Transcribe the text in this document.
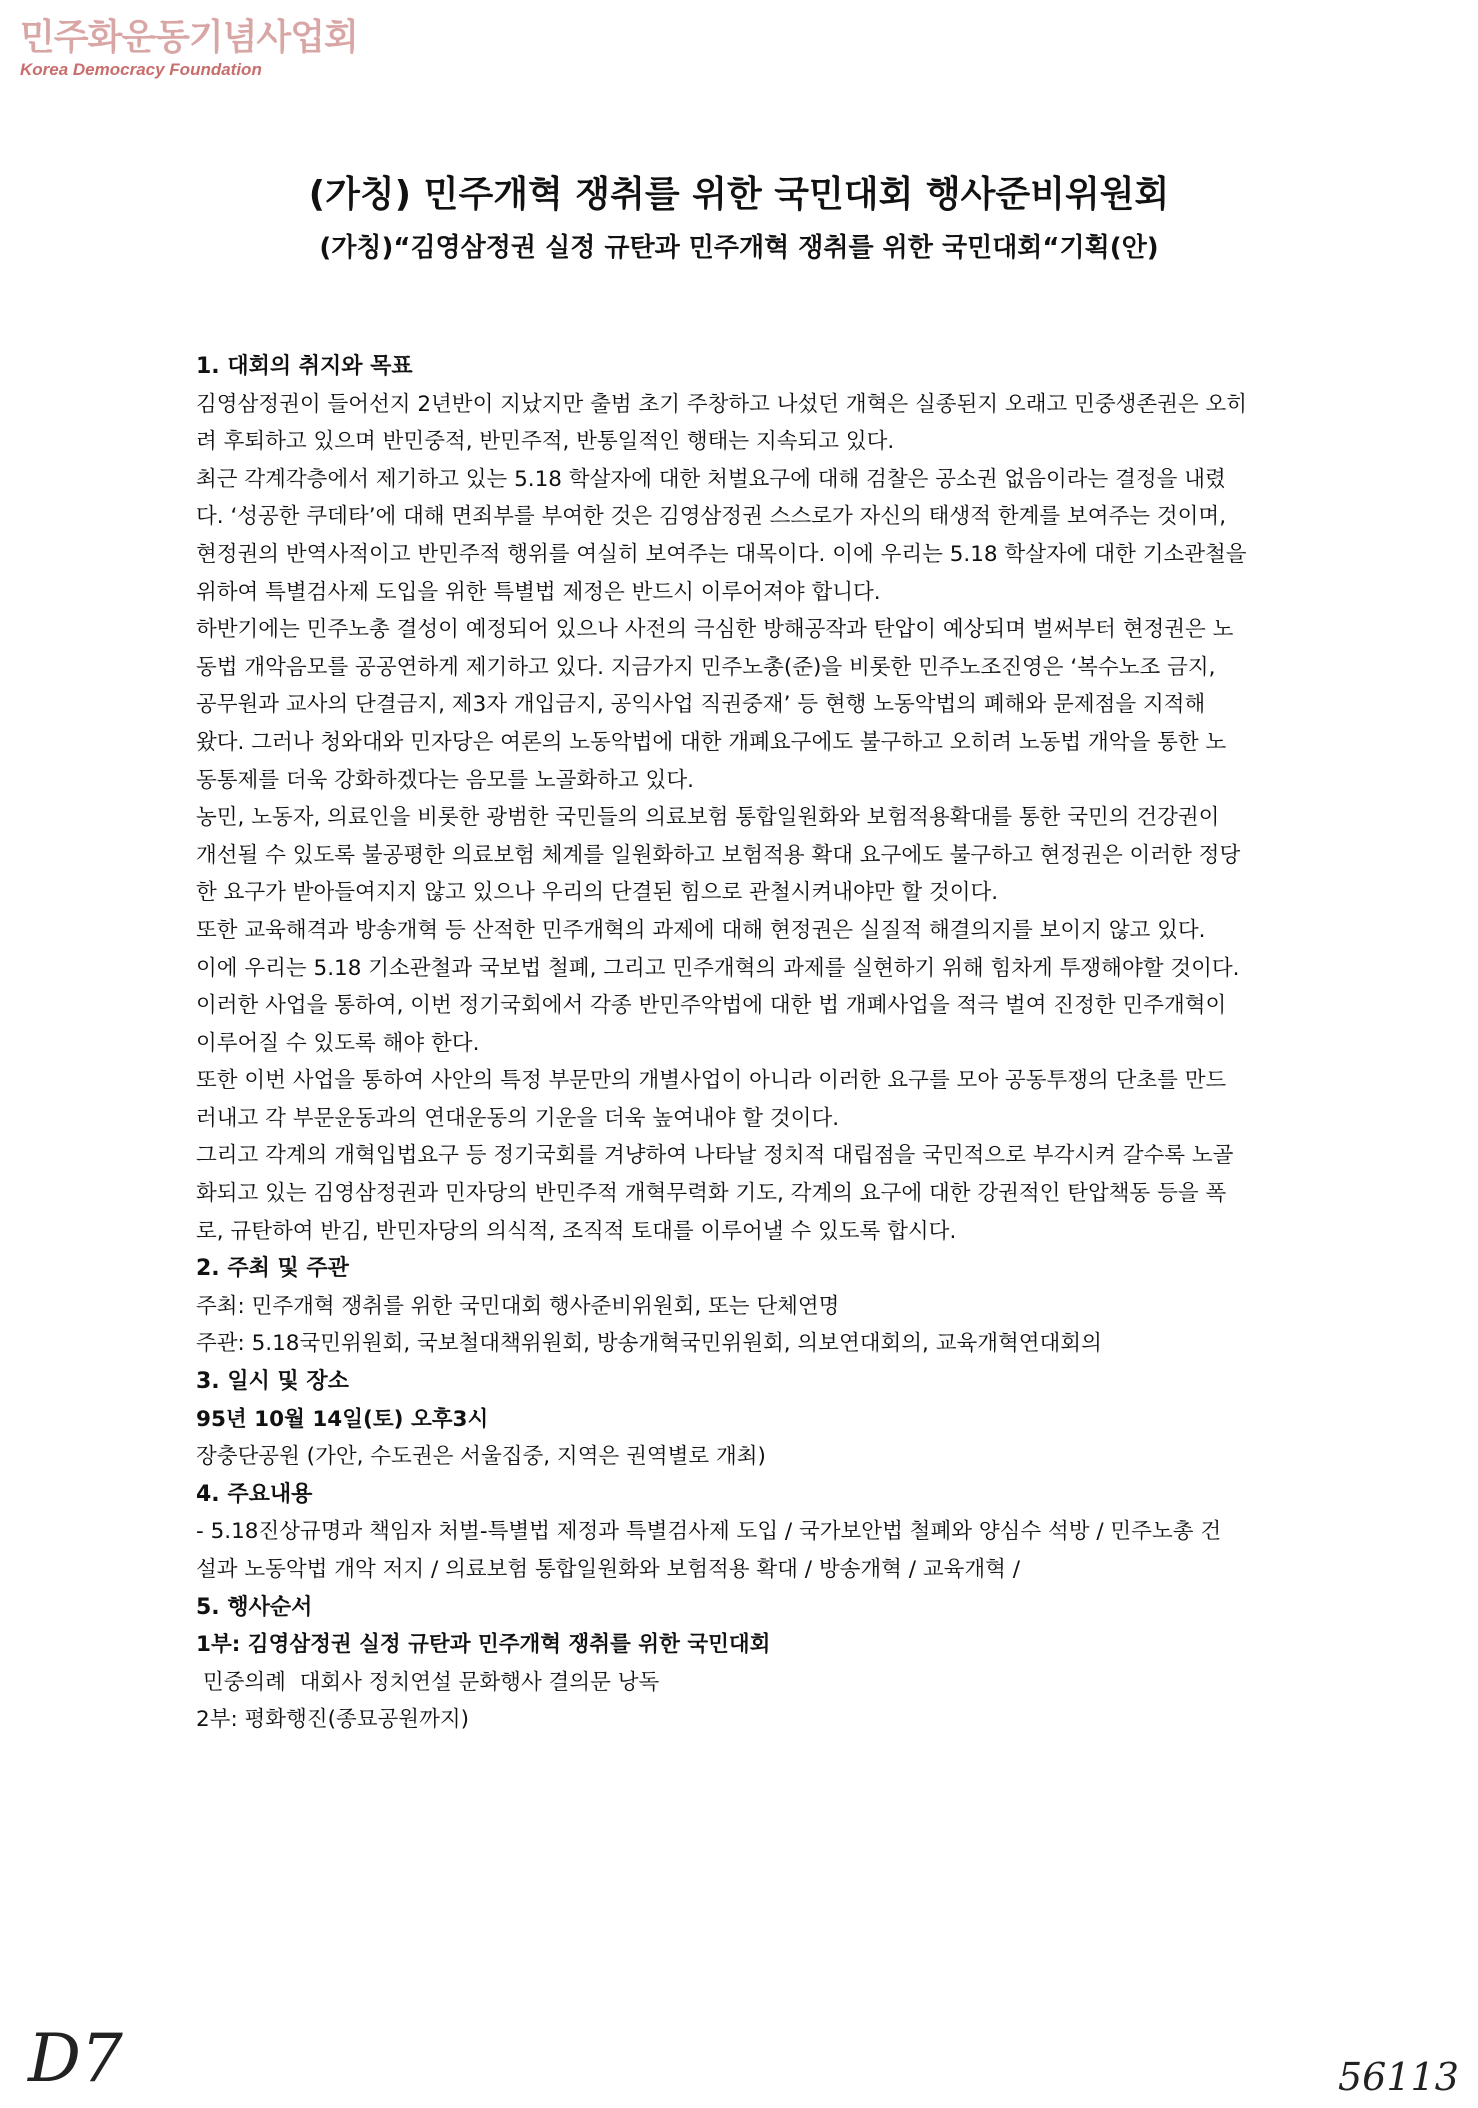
민주화운동기념사업회
Korea Democracy Foundation
(가칭) 민주개혁 쟁취를 위한 국민대회 행사준비위원회
(가칭)“김영삼정권 실정 규탄과 민주개혁 쟁취를 위한 국민대회“기획(안)

1. 대회의 취지와 목표

김영삼정권이 들어선지 2년반이 지났지만 출범 초기 주창하고 나섰던 개혁은 실종된지 오래고 민중생존권은 오히

려 후퇴하고 있으며 반민중적, 반민주적, 반통일적인 행태는 지속되고 있다.

최근 각계각층에서 제기하고 있는 5.18 학살자에 대한 처벌요구에 대해 검찰은 공소권 없음이라는 결정을 내렸

다. ‘성공한 쿠데타’에 대해 면죄부를 부여한 것은 김영삼정권 스스로가 자신의 태생적 한계를 보여주는 것이며,

현정권의 반역사적이고 반민주적 행위를 여실히 보여주는 대목이다. 이에 우리는 5.18 학살자에 대한 기소관철을

위하여 특별검사제 도입을 위한 특별법 제정은 반드시 이루어져야 합니다.

하반기에는 민주노총 결성이 예정되어 있으나 사전의 극심한 방해공작과 탄압이 예상되며 벌써부터 현정권은 노

동법 개악음모를 공공연하게 제기하고 있다. 지금가지 민주노총(준)을 비롯한 민주노조진영은 ‘복수노조 금지,

공무원과 교사의 단결금지, 제3자 개입금지, 공익사업 직권중재’ 등 현행 노동악법의 폐해와 문제점을 지적해

왔다. 그러나 청와대와 민자당은 여론의 노동악법에 대한 개폐요구에도 불구하고 오히려 노동법 개악을 통한 노

동통제를 더욱 강화하겠다는 음모를 노골화하고 있다.

농민, 노동자, 의료인을 비롯한 광범한 국민들의 의료보험 통합일원화와 보험적용확대를 통한 국민의 건강권이

개선될 수 있도록 불공평한 의료보험 체계를 일원화하고 보험적용 확대 요구에도 불구하고 현정권은 이러한 정당

한 요구가 받아들여지지 않고 있으나 우리의 단결된 힘으로 관철시켜내야만 할 것이다.

또한 교육해격과 방송개혁 등 산적한 민주개혁의 과제에 대해 현정권은 실질적 해결의지를 보이지 않고 있다.

이에 우리는 5.18 기소관철과 국보법 철폐, 그리고 민주개혁의 과제를 실현하기 위해 힘차게 투쟁해야할 것이다.

이러한 사업을 통하여, 이번 정기국회에서 각종 반민주악법에 대한 법 개폐사업을 적극 벌여 진정한 민주개혁이

이루어질 수 있도록 해야 한다.

또한 이번 사업을 통하여 사안의 특정 부문만의 개별사업이 아니라 이러한 요구를 모아 공동투쟁의 단초를 만드

러내고 각 부문운동과의 연대운동의 기운을 더욱 높여내야 할 것이다.

그리고 각계의 개혁입법요구 등 정기국회를 겨냥하여 나타날 정치적 대립점을 국민적으로 부각시켜 갈수록 노골

화되고 있는 김영삼정권과 민자당의 반민주적 개혁무력화 기도, 각계의 요구에 대한 강권적인 탄압책동 등을 폭

로, 규탄하여 반김, 반민자당의 의식적, 조직적 토대를 이루어낼 수 있도록 합시다.

2. 주최 및 주관

주최: 민주개혁 쟁취를 위한 국민대회 행사준비위원회, 또는 단체연명

주관: 5.18국민위원회, 국보철대책위원회, 방송개혁국민위원회, 의보연대회의, 교육개혁연대회의

3. 일시 및 장소

95년 10월 14일(토) 오후3시

장충단공원 (가안, 수도권은 서울집중, 지역은 권역별로 개최)

4. 주요내용

- 5.18진상규명과 책임자 처벌-특별법 제정과 특별검사제 도입 / 국가보안법 철폐와 양심수 석방 / 민주노총 건

설과 노동악법 개악 저지 / 의료보험 통합일원화와 보험적용 확대 / 방송개혁 / 교육개혁 /

5. 행사순서

1부: 김영삼정권 실정 규탄과 민주개혁 쟁취를 위한 국민대회

민중의례  대회사 정치연설 문화행사 결의문 낭독

2부: 평화행진(종묘공원까지)

D7	56113
